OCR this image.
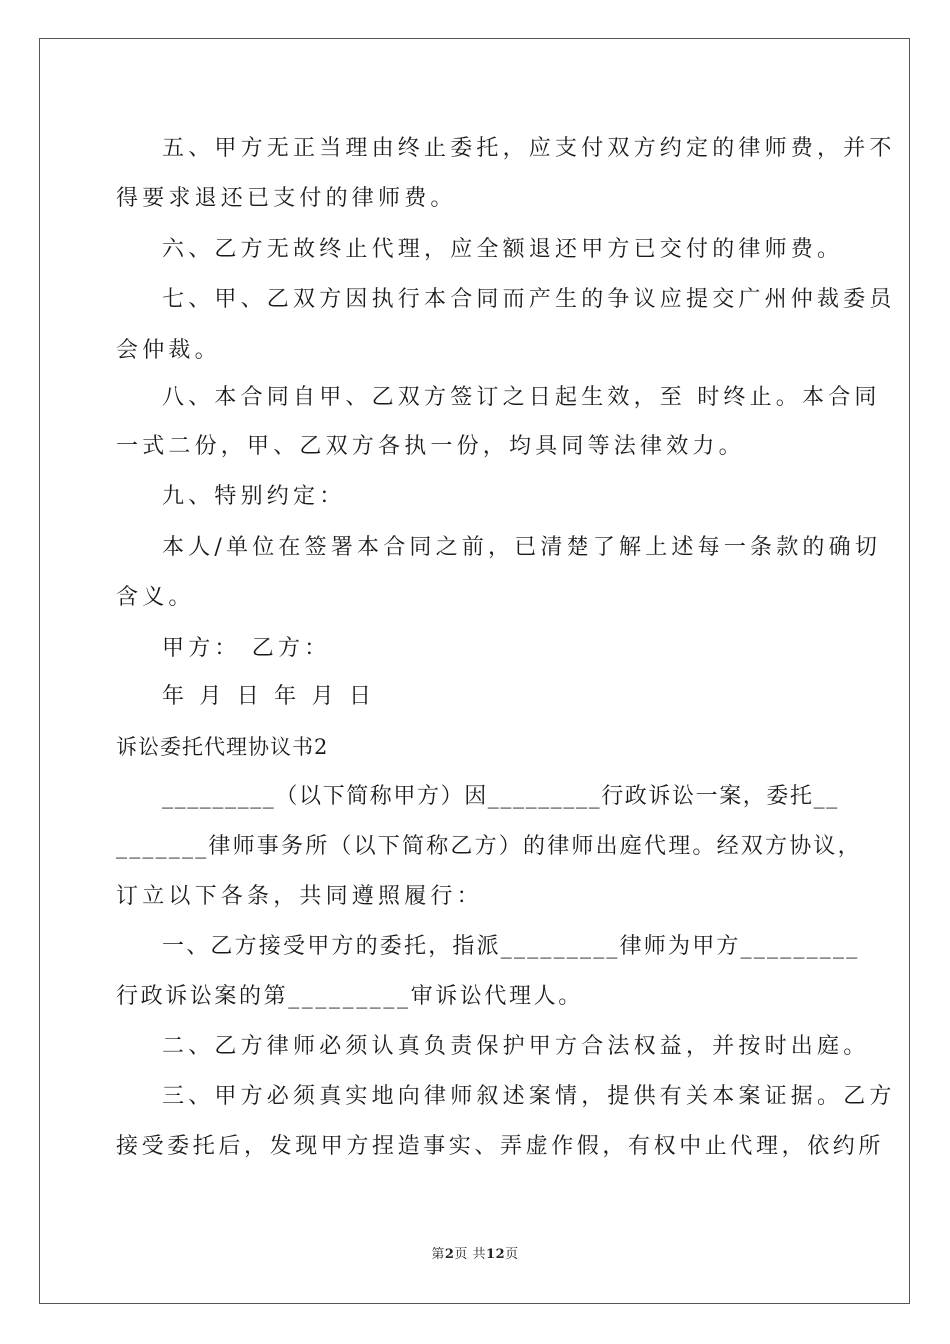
五、甲方无正当理由终止委托，应支付双方约定的律师费，并不
得要求退还已支付的律师费。
六、乙方无故终止代理，应全额退还甲方已交付的律师费。
七、甲、乙双方因执行本合同而产生的争议应提交广州仲裁委员
会仲裁。
八、本合同自甲、乙双方签订之日起生效，至 时终止。本合同
一式二份，甲、乙双方各执一份，均具同等法律效力。
九、特别约定：
本人/单位在签署本合同之前，已清楚了解上述每一条款的确切
含义。
甲方： 乙方：
年 月 日 年 月 日
诉讼委托代理协议书2
_________（以下简称甲方）因_________行政诉讼一案，委托__
_______律师事务所（以下简称乙方）的律师出庭代理。经双方协议，
订立以下各条，共同遵照履行：
一、乙方接受甲方的委托，指派_________律师为甲方_________
行政诉讼案的第_________审诉讼代理人。
二、乙方律师必须认真负责保护甲方合法权益，并按时出庭。
三、甲方必须真实地向律师叙述案情，提供有关本案证据。乙方
接受委托后，发现甲方捏造事实、弄虚作假，有权中止代理，依约所
第2页 共12页
